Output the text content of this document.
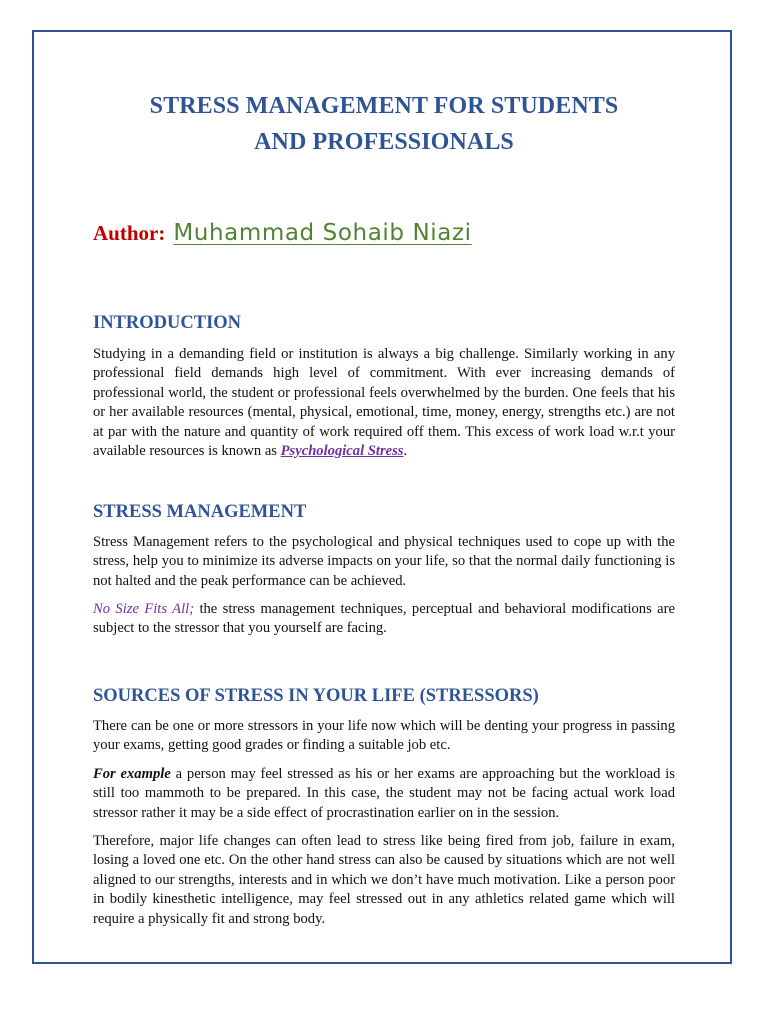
STRESS MANAGEMENT FOR STUDENTS
AND PROFESSIONALS
Author: Muhammad Sohaib Niazi
INTRODUCTION

Studying in a demanding field or institution is always a big challenge. Similarly working in any professional field demands high level of commitment. With ever increasing demands of professional world, the student or professional feels overwhelmed by the burden. One feels that his or her available resources (mental, physical, emotional, time, money, energy, strengths etc.) are not at par with the nature and quantity of work required off them. This excess of work load w.r.t your available resources is known as Psychological Stress.

STRESS MANAGEMENT

Stress Management refers to the psychological and physical techniques used to cope up with the stress, help you to minimize its adverse impacts on your life, so that the normal daily functioning is not halted and the peak performance can be achieved.

No Size Fits All; the stress management techniques, perceptual and behavioral modifications are subject to the stressor that you yourself are facing.

SOURCES OF STRESS IN YOUR LIFE (STRESSORS)

There can be one or more stressors in your life now which will be denting your progress in passing your exams, getting good grades or finding a suitable job etc.

For example a person may feel stressed as his or her exams are approaching but the workload is still too mammoth to be prepared. In this case, the student may not be facing actual work load stressor rather it may be a side effect of procrastination earlier on in the session.

Therefore, major life changes can often lead to stress like being fired from job, failure in exam, losing a loved one etc. On the other hand stress can also be caused by situations which are not well aligned to our strengths, interests and in which we don’t have much motivation. Like a person poor in bodily kinesthetic intelligence, may feel stressed out in any athletics related game which will require a physically fit and strong body.
